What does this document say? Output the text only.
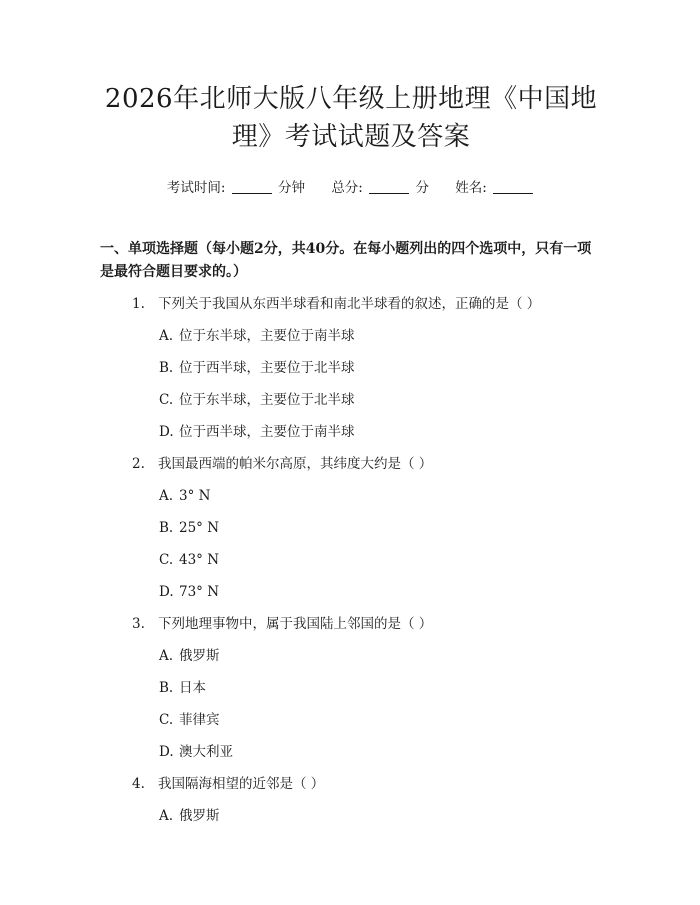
2026年北师大版八年级上册地理《中国地理》考试试题及答案
考试时间:	分钟 总分:	分 姓名:
一、单项选择题（每小题2分，共40分。在每小题列出的四个选项中，只有一项是最符合题目要求的。）
1. 下列关于我国从东西半球看和南北半球看的叙述，正确的是（ ）
A. 位于东半球，主要位于南半球
B. 位于西半球，主要位于北半球
C. 位于东半球，主要位于北半球
D. 位于西半球，主要位于南半球
2. 我国最西端的帕米尔高原，其纬度大约是（ ）
A. 3° N
B. 25° N
C. 43° N
D. 73° N
3. 下列地理事物中，属于我国陆上邻国的是（ ）
A. 俄罗斯
B. 日本
C. 菲律宾
D. 澳大利亚
4. 我国隔海相望的近邻是（ ）
A. 俄罗斯
